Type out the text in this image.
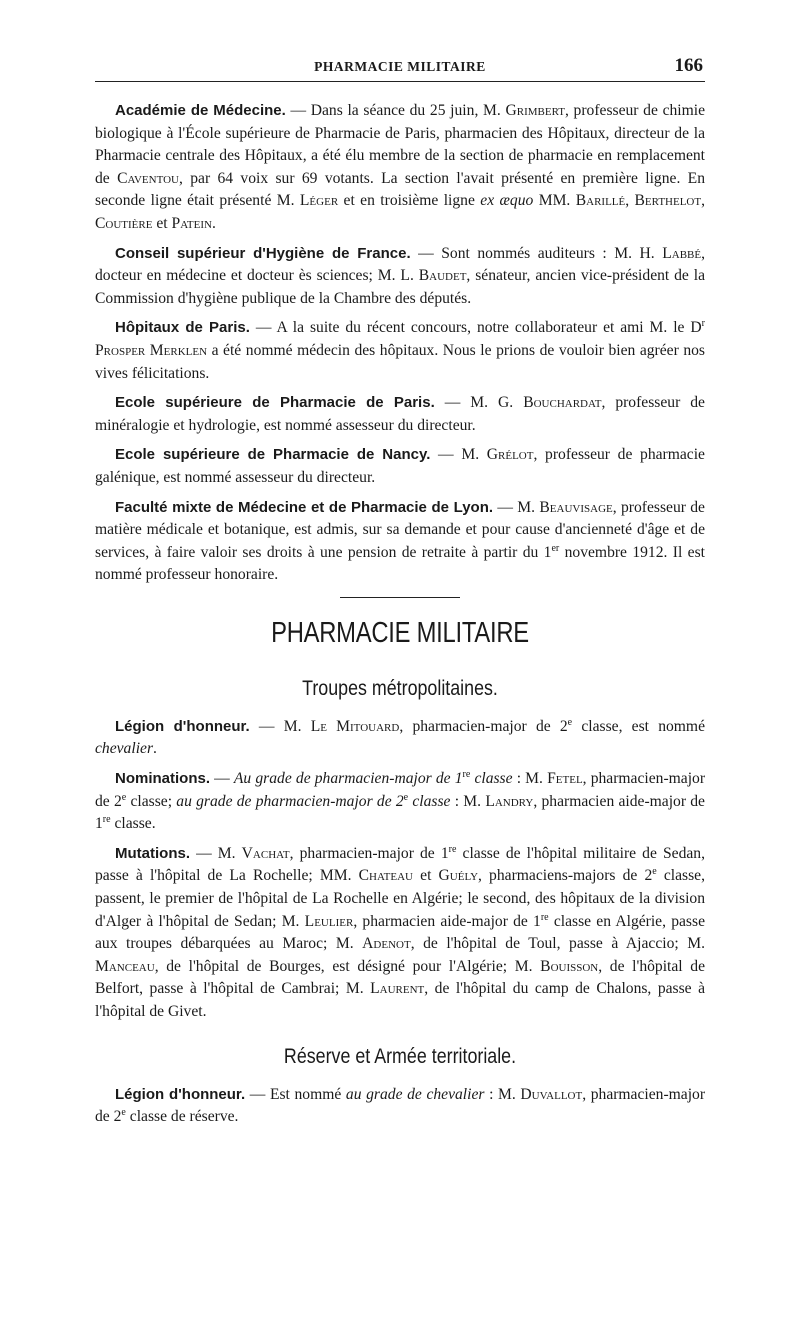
PHARMACIE MILITAIRE	166

Académie de Médecine. — Dans la séance du 25 juin, M. Grimbert, professeur de chimie biologique à l'École supérieure de Pharmacie de Paris, pharmacien des Hôpitaux, directeur de la Pharmacie centrale des Hôpitaux, a été élu membre de la section de pharmacie en remplacement de Caventou, par 64 voix sur 69 votants. La section l'avait présenté en première ligne. En seconde ligne était présenté M. Léger et en troisième ligne ex æquo MM. Barillé, Berthelot, Coutière et Patein.

Conseil supérieur d'Hygiène de France. — Sont nommés auditeurs : M. H. Labbé, docteur en médecine et docteur ès sciences; M. L. Baudet, sénateur, ancien vice-président de la Commission d'hygiène publique de la Chambre des députés.

Hôpitaux de Paris. — A la suite du récent concours, notre collaborateur et ami M. le $D^r$ Prosper Merklen a été nommé médecin des hôpitaux. Nous le prions de vouloir bien agréer nos vives félicitations.

Ecole supérieure de Pharmacie de Paris. — M. G. Bouchardat, professeur de minéralogie et hydrologie, est nommé assesseur du directeur.

Ecole supérieure de Pharmacie de Nancy. — M. Grélot, professeur de pharmacie galénique, est nommé assesseur du directeur.

Faculté mixte de Médecine et de Pharmacie de Lyon. — M. Beauvisage, professeur de matière médicale et botanique, est admis, sur sa demande et pour cause d'ancienneté d'âge et de services, à faire valoir ses droits à une pension de retraite à partir du 1er novembre 1912. Il est nommé professeur honoraire.

PHARMACIE MILITAIRE
Troupes métropolitaines.

Légion d'honneur. — M. Le Mitouard, pharmacien-major de 2e classe, est nommé chevalier.

Nominations. — Au grade de pharmacien-major de 1re classe : M. Fetel, pharmacien-major de 2e classe; au grade de pharmacien-major de 2e classe : M. Landry, pharmacien aide-major de 1re classe.

Mutations. — M. Vachat, pharmacien-major de 1re classe de l'hôpital militaire de Sedan, passe à l'hôpital de La Rochelle; MM. Chateau et Guély, pharmaciens-majors de 2e classe, passent, le premier de l'hôpital de La Rochelle en Algérie; le second, des hôpitaux de la division d'Alger à l'hôpital de Sedan; M. Leulier, pharmacien aide-major de 1re classe en Algérie, passe aux troupes débarquées au Maroc; M. Adenot, de l'hôpital de Toul, passe à Ajaccio; M. Manceau, de l'hôpital de Bourges, est désigné pour l'Algérie; M. Bouisson, de l'hôpital de Belfort, passe à l'hôpital de Cambrai; M. Laurent, de l'hôpital du camp de Chalons, passe à l'hôpital de Givet.

Réserve et Armée territoriale.

Légion d'honneur. — Est nommé au grade de chevalier : M. Duvallot, pharmacien-major de 2e classe de réserve.
